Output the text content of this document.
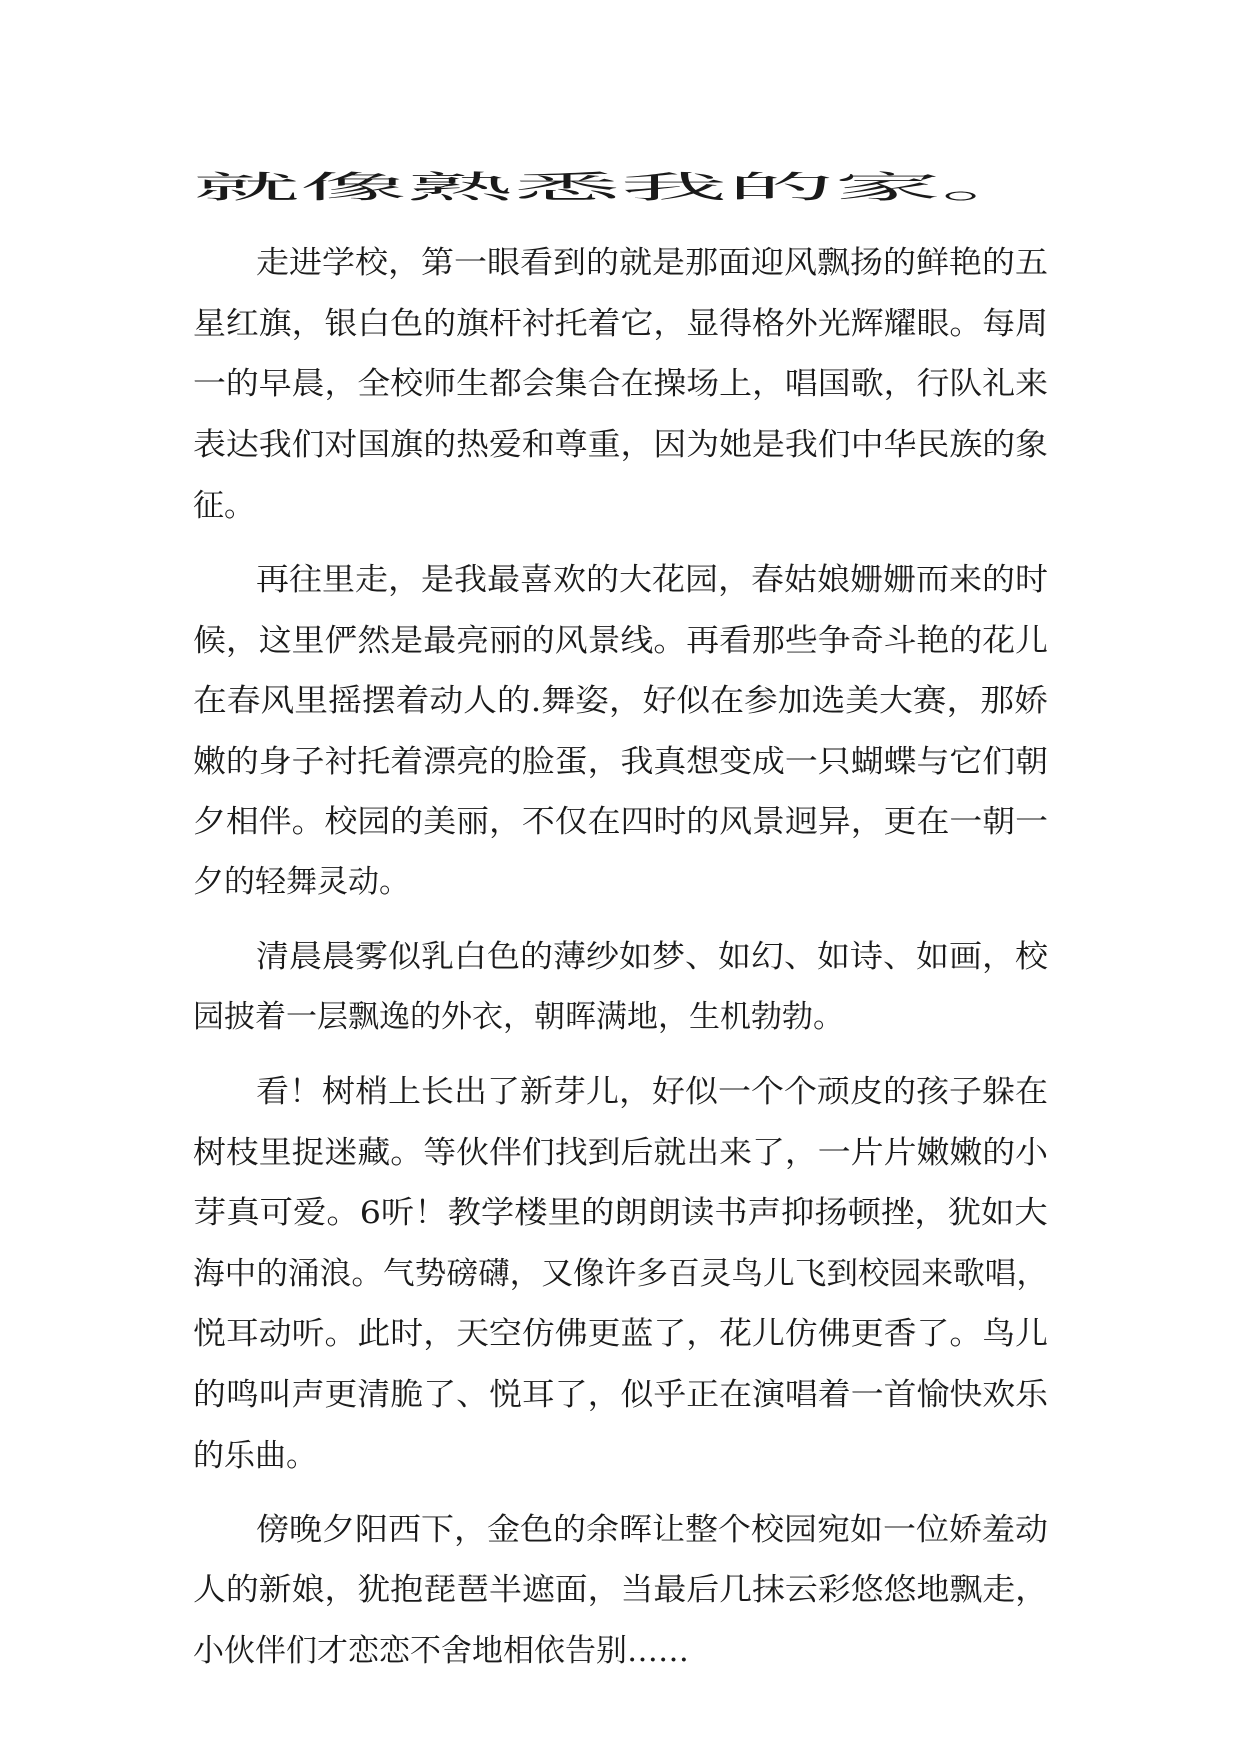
就像熟悉我的家。
走进学校，第一眼看到的就是那面迎风飘扬的鲜艳的五
星红旗，银白色的旗杆衬托着它，显得格外光辉耀眼。每周
一的早晨，全校师生都会集合在操场上，唱国歌，行队礼来
表达我们对国旗的热爱和尊重，因为她是我们中华民族的象
征。
再往里走，是我最喜欢的大花园，春姑娘姗姗而来的时
候，这里俨然是最亮丽的风景线。再看那些争奇斗艳的花儿
在春风里摇摆着动人的.舞姿，好似在参加选美大赛，那娇
嫩的身子衬托着漂亮的脸蛋，我真想变成一只蝴蝶与它们朝
夕相伴。校园的美丽，不仅在四时的风景迥异，更在一朝一
夕的轻舞灵动。
清晨晨雾似乳白色的薄纱如梦、如幻、如诗、如画，校
园披着一层飘逸的外衣，朝晖满地，生机勃勃。
看！树梢上长出了新芽儿，好似一个个顽皮的孩子躲在
树枝里捉迷藏。等伙伴们找到后就出来了，一片片嫩嫩的小
芽真可爱。6听！教学楼里的朗朗读书声抑扬顿挫，犹如大
海中的涌浪。气势磅礴，又像许多百灵鸟儿飞到校园来歌唱，
悦耳动听。此时，天空仿佛更蓝了，花儿仿佛更香了。鸟儿
的鸣叫声更清脆了、悦耳了，似乎正在演唱着一首愉快欢乐
的乐曲。
傍晚夕阳西下，金色的余晖让整个校园宛如一位娇羞动
人的新娘，犹抱琵琶半遮面，当最后几抹云彩悠悠地飘走，
小伙伴们才恋恋不舍地相依告别……
